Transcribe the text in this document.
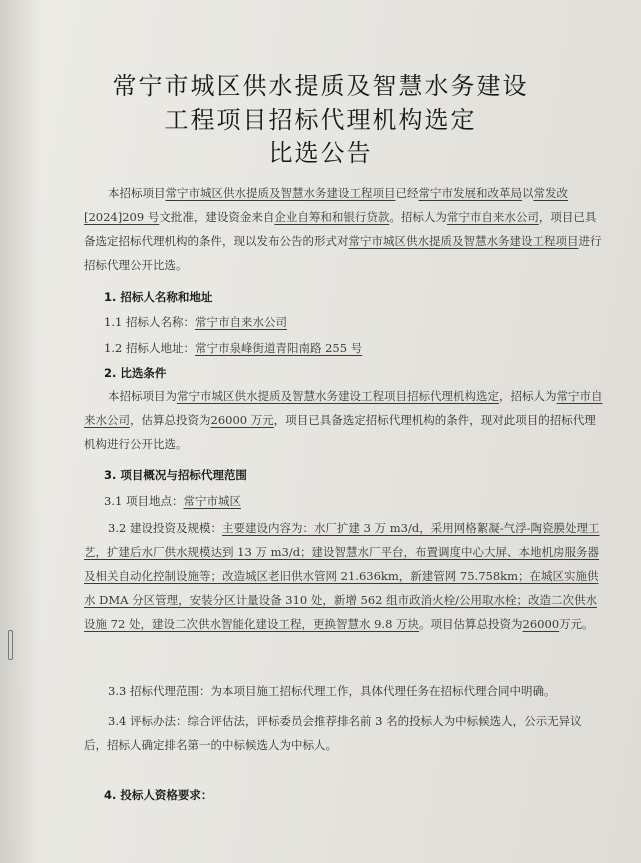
常宁市城区供水提质及智慧水务建设
工程项目招标代理机构选定
比选公告

本招标项目常宁市城区供水提质及智慧水务建设工程项目已经常宁市发展和改革局以常发改[2024]209 号文批准，建设资金来自企业自筹和和银行贷款。招标人为常宁市自来水公司，项目已具备选定招标代理机构的条件，现以发布公告的形式对常宁市城区供水提质及智慧水务建设工程项目进行招标代理公开比选。

1. 招标人名称和地址
1.1 招标人名称：常宁市自来水公司
1.2 招标人地址：常宁市泉峰街道青阳南路 255 号
2. 比选条件

本招标项目为常宁市城区供水提质及智慧水务建设工程项目招标代理机构选定，招标人为常宁市自来水公司，估算总投资为26000 万元，项目已具备选定招标代理机构的条件，现对此项目的招标代理机构进行公开比选。

3. 项目概况与招标代理范围
3.1 项目地点：常宁市城区

3.2 建设投资及规模：主要建设内容为：水厂扩建 3 万 m3/d，采用网格絮凝-气浮-陶瓷膜处理工艺，扩建后水厂供水规模达到 13 万 m3/d；建设智慧水厂平台，布置调度中心大屏、本地机房服务器及相关自动化控制设施等；改造城区老旧供水管网 21.636km，新建管网 75.758km；在城区实施供水 DMA 分区管理，安装分区计量设备 310 处，新增 562 组市政消火栓/公用取水栓；改造二次供水设施 72 处，建设二次供水智能化建设工程，更换智慧水 9.8 万块。项目估算总投资为26000万元。

3.3 招标代理范围：为本项目施工招标代理工作，具体代理任务在招标代理合同中明确。

3.4 评标办法：综合评估法，评标委员会推荐排名前 3 名的投标人为中标候选人，公示无异议后，招标人确定排名第一的中标候选人为中标人。

4. 投标人资格要求：
